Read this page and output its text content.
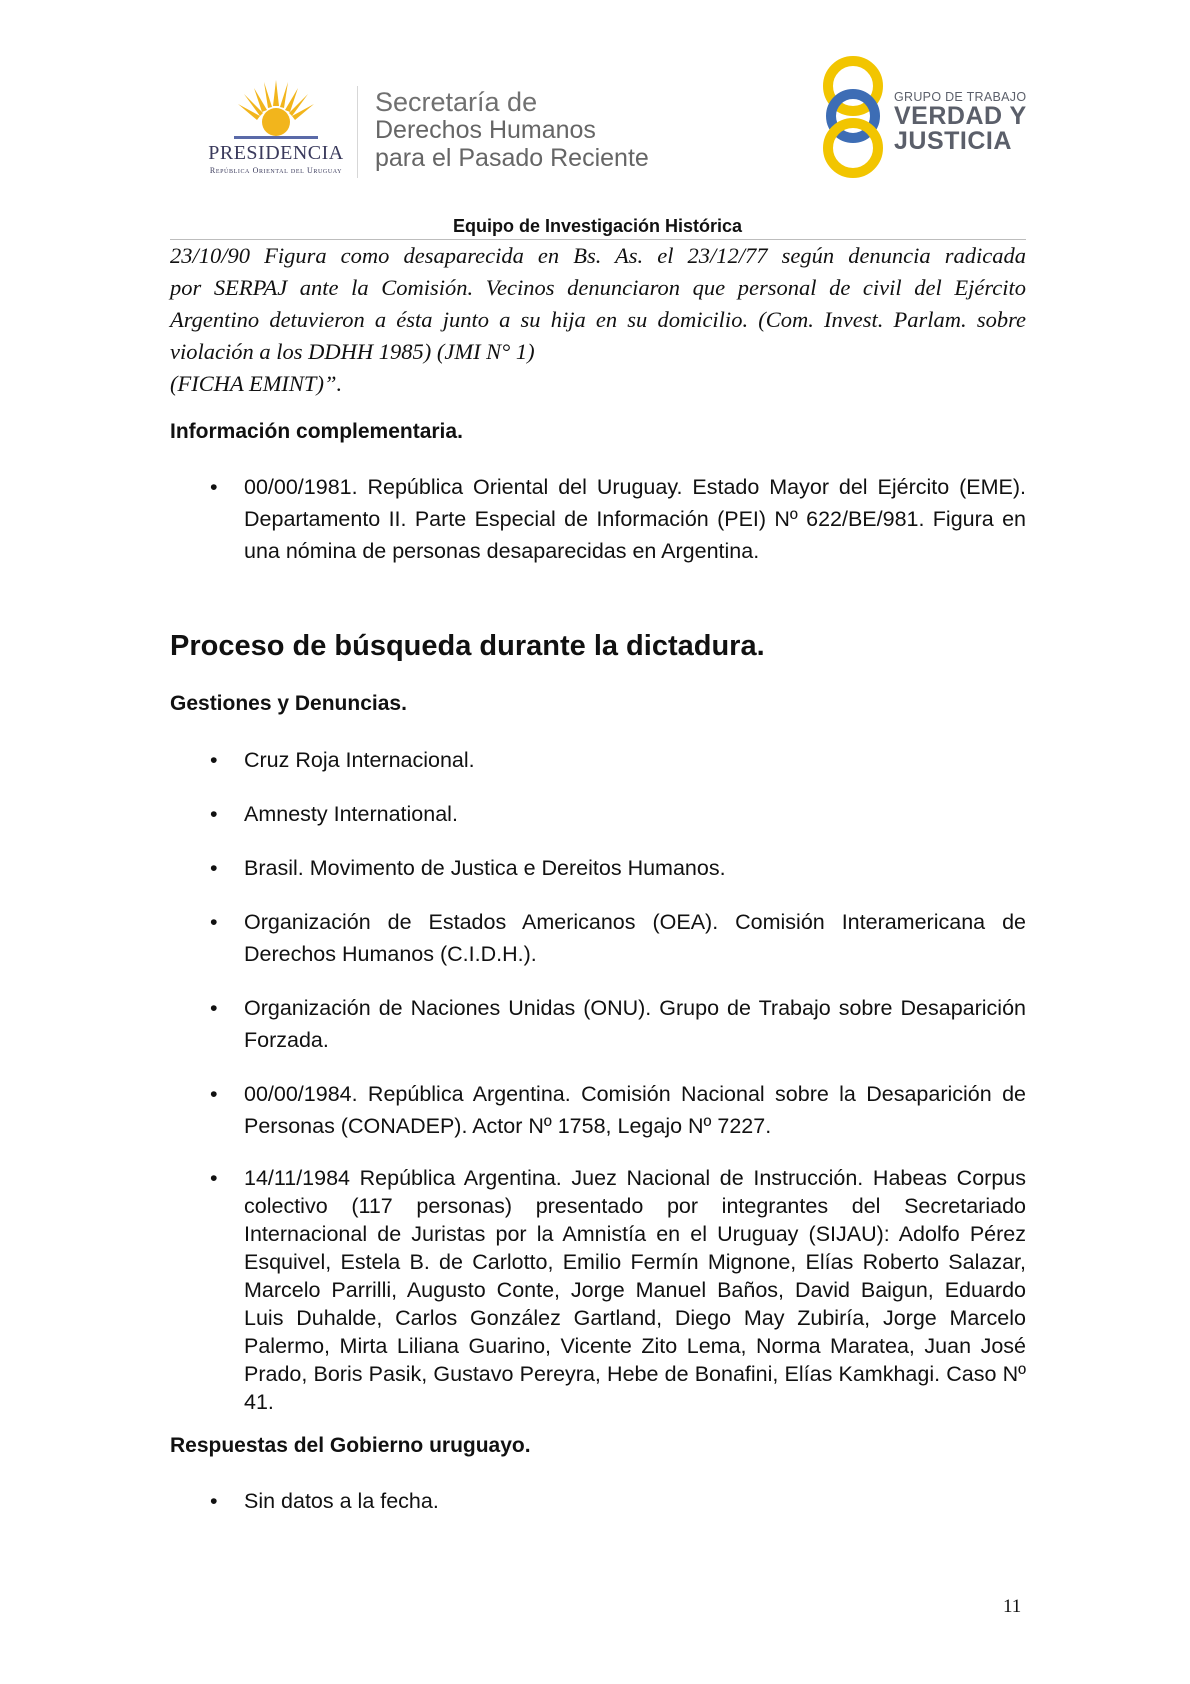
PRESIDENCIA
República Oriental del Uruguay
Secretaría de
Derechos Humanos
para el Pasado Reciente
GRUPO DE TRABAJO
VERDAD Y
JUSTICIA
Equipo de Investigación Histórica

23/10/90 Figura como desaparecida en Bs. As. el 23/12/77 según denuncia radicada
por SERPAJ ante la Comisión. Vecinos denunciaron que personal de civil del Ejército
Argentino detuvieron a ésta junto a su hija en su domicilio. (Com. Invest. Parlam. sobre
violación a los DDHH 1985) (JMI N° 1)
(FICHA EMINT)”.

Información complementaria.
• 00/00/1981. República Oriental del Uruguay. Estado Mayor del Ejército (EME). Departamento II. Parte Especial de Información (PEI) Nº 622/BE/981. Figura en una nómina de personas desaparecidas en Argentina.
Proceso de búsqueda durante la dictadura.
Gestiones y Denuncias.
• Cruz Roja Internacional.
• Amnesty International.
• Brasil. Movimento de Justica e Dereitos Humanos.
• Organización de Estados Americanos (OEA). Comisión Interamericana de Derechos Humanos (C.I.D.H.).
• Organización de Naciones Unidas (ONU). Grupo de Trabajo sobre Desaparición Forzada.
• 00/00/1984. República Argentina. Comisión Nacional sobre la Desaparición de Personas (CONADEP). Actor Nº 1758, Legajo Nº 7227.
• 14/11/1984 República Argentina. Juez Nacional de Instrucción. Habeas Corpus colectivo (117 personas) presentado por integrantes del Secretariado Internacional de Juristas por la Amnistía en el Uruguay (SIJAU): Adolfo Pérez Esquivel, Estela B. de Carlotto, Emilio Fermín Mignone, Elías Roberto Salazar, Marcelo Parrilli, Augusto Conte, Jorge Manuel Baños, David Baigun, Eduardo Luis Duhalde, Carlos González Gartland, Diego May Zubiría, Jorge Marcelo Palermo, Mirta Liliana Guarino, Vicente Zito Lema, Norma Maratea, Juan José Prado, Boris Pasik, Gustavo Pereyra, Hebe de Bonafini, Elías Kamkhagi. Caso Nº 41.
Respuestas del Gobierno uruguayo.
• Sin datos a la fecha.
11
